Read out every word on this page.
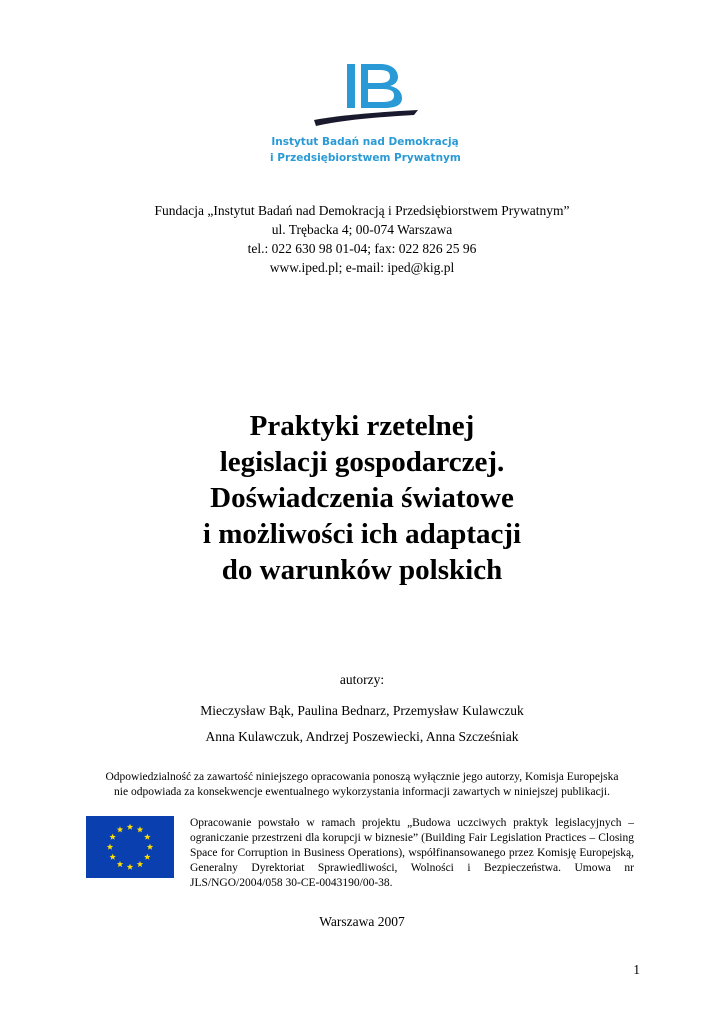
Instytut Badań nad Demokracją
i Przedsiębiorstwem Prywatnym
Fundacja „Instytut Badań nad Demokracją i Przedsiębiorstwem Prywatnym”
ul. Trębacka 4; 00-074 Warszawa
tel.: 022 630 98 01-04; fax: 022 826 25 96
www.iped.pl; e-mail: iped@kig.pl
Praktyki rzetelnej
legislacji gospodarczej.
Doświadczenia światowe
i możliwości ich adaptacji
do warunków polskich
autorzy:
Mieczysław Bąk, Paulina Bednarz, Przemysław Kulawczuk
Anna Kulawczuk, Andrzej Poszewiecki, Anna Szcześniak
Odpowiedzialność za zawartość niniejszego opracowania ponoszą wyłącznie jego autorzy, Komisja Europejska
nie odpowiada za konsekwencje ewentualnego wykorzystania informacji zawartych w niniejszej publikacji.
Opracowanie powstało w ramach projektu „Budowa uczciwych praktyk legislacyjnych – ograniczanie przestrzeni dla korupcji w biznesie” (Building Fair Legislation Practices – Closing Space for Corruption in Business Operations), współfinansowanego przez Komisję Europejską, Generalny Dyrektoriat Sprawiedliwości, Wolności i Bezpieczeństwa. Umowa nr JLS/NGO/2004/058 30-CE-0043190/00-38.
Warszawa 2007
1
